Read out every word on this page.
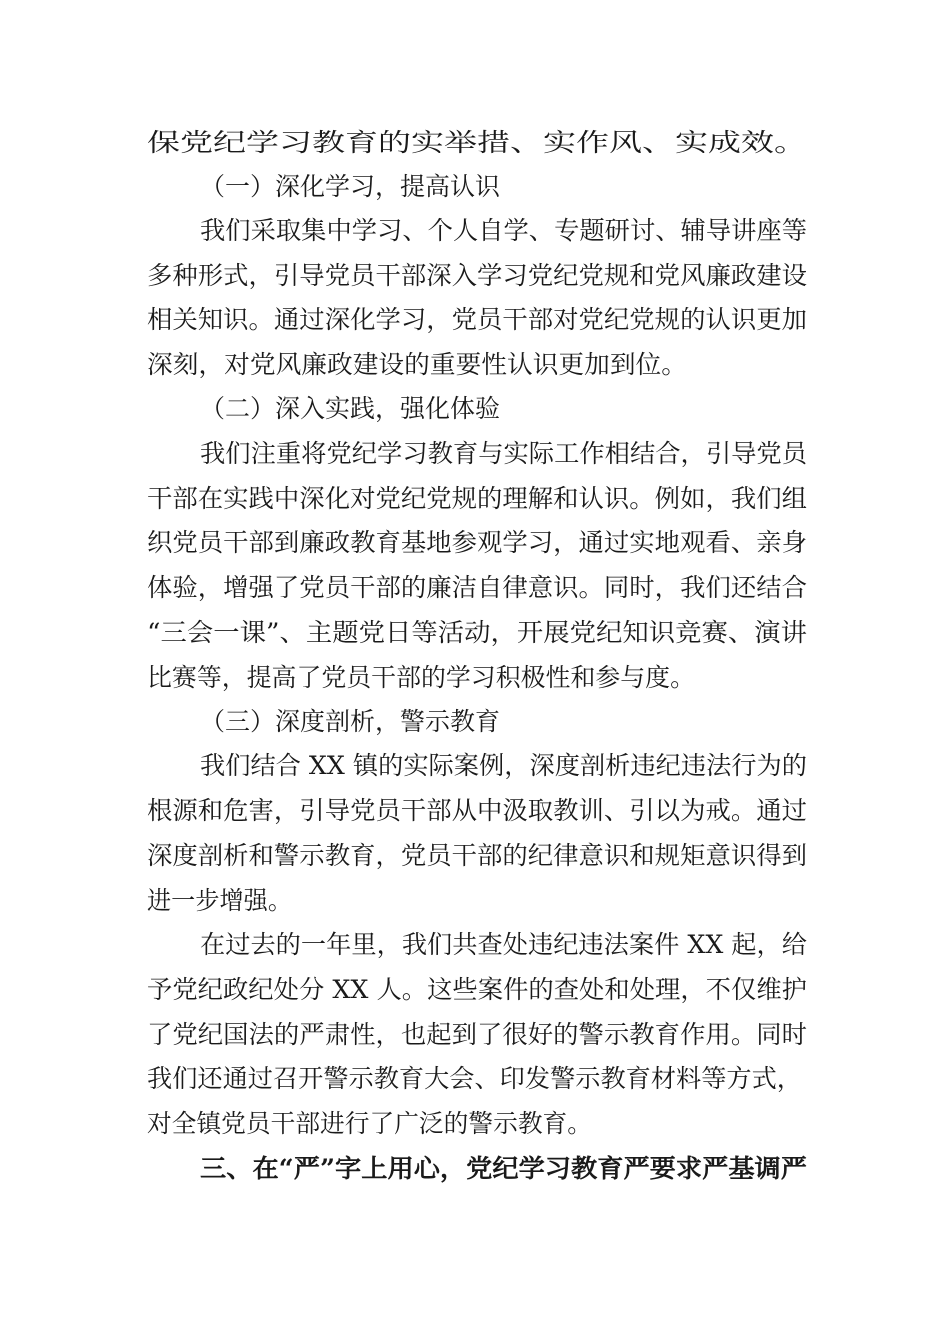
保党纪学习教育的实举措、实作风、实成效。
（一）深化学习，提高认识
我们采取集中学习、个人自学、专题研讨、辅导讲座等
多种形式，引导党员干部深入学习党纪党规和党风廉政建设
相关知识。通过深化学习，党员干部对党纪党规的认识更加
深刻，对党风廉政建设的重要性认识更加到位。
（二）深入实践，强化体验
我们注重将党纪学习教育与实际工作相结合，引导党员
干部在实践中深化对党纪党规的理解和认识。例如，我们组
织党员干部到廉政教育基地参观学习，通过实地观看、亲身
体验，增强了党员干部的廉洁自律意识。同时，我们还结合
“三会一课”、主题党日等活动，开展党纪知识竞赛、演讲
比赛等，提高了党员干部的学习积极性和参与度。
（三）深度剖析，警示教育
我们结合 XX 镇的实际案例，深度剖析违纪违法行为的
根源和危害，引导党员干部从中汲取教训、引以为戒。通过
深度剖析和警示教育，党员干部的纪律意识和规矩意识得到
进一步增强。
在过去的一年里，我们共查处违纪违法案件 XX 起，给
予党纪政纪处分 XX 人。这些案件的查处和处理，不仅维护
了党纪国法的严肃性，也起到了很好的警示教育作用。同时
我们还通过召开警示教育大会、印发警示教育材料等方式，
对全镇党员干部进行了广泛的警示教育。
三、在“严”字上用心，党纪学习教育严要求严基调严
